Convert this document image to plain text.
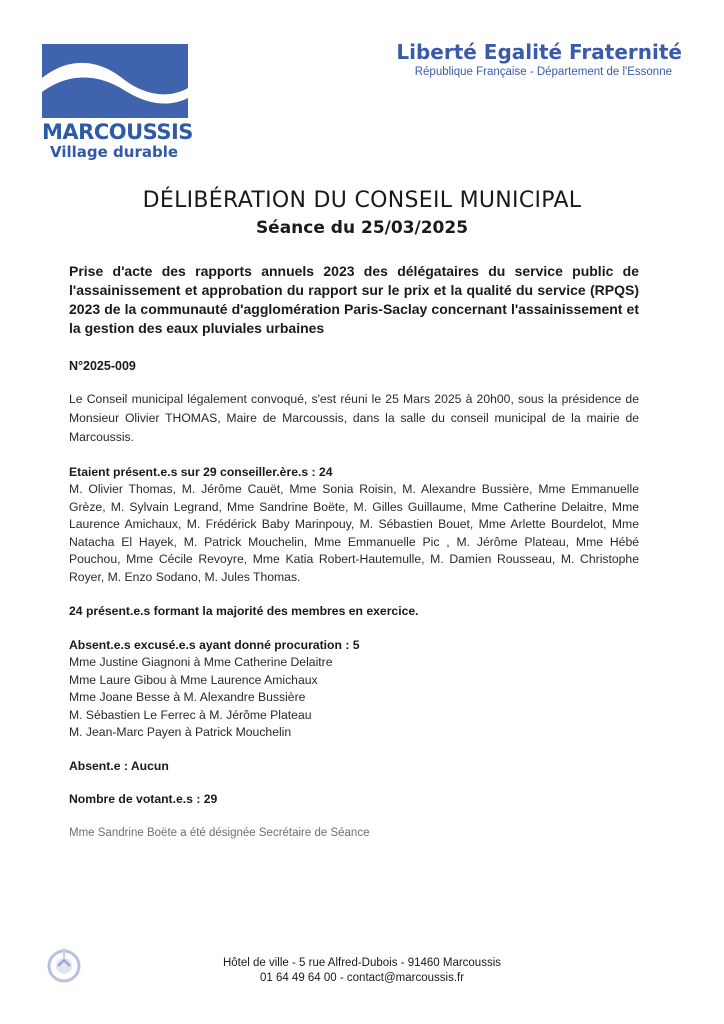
MARCOUSSIS
Village durable
Liberté Egalité Fraternité
République Française - Département de l'Essonne
DÉLIBÉRATION DU CONSEIL MUNICIPAL
Séance du 25/03/2025
Prise d'acte des rapports annuels 2023 des délégataires du service public de l'assainissement et approbation du rapport sur le prix et la qualité du service (RPQS) 2023 de la communauté d'agglomération Paris-Saclay concernant l'assainissement et la gestion des eaux pluviales urbaines
N°2025-009
Le Conseil municipal légalement convoqué, s'est réuni le 25 Mars 2025 à 20h00, sous la présidence de Monsieur Olivier THOMAS, Maire de Marcoussis, dans la salle du conseil municipal de la mairie de Marcoussis.
Etaient présent.e.s sur 29 conseiller.ère.s : 24
M. Olivier Thomas, M. Jérôme Cauët, Mme Sonia Roisin, M. Alexandre Bussière, Mme Emmanuelle Grèze, M. Sylvain Legrand, Mme Sandrine Boëte, M. Gilles Guillaume, Mme Catherine Delaitre, Mme Laurence Amichaux, M. Frédérick Baby Marinpouy, M. Sébastien Bouet, Mme Arlette Bourdelot, Mme Natacha El Hayek, M. Patrick Mouchelin, Mme Emmanuelle Pic , M. Jérôme Plateau, Mme Hébé Pouchou, Mme Cécile Revoyre, Mme Katia Robert-Hautemulle, M. Damien Rousseau, M. Christophe Royer, M. Enzo Sodano, M. Jules Thomas.
24 présent.e.s formant la majorité des membres en exercice.
Absent.e.s excusé.e.s ayant donné procuration : 5
Mme Justine Giagnoni à Mme Catherine Delaitre
Mme Laure Gibou à Mme Laurence Amichaux
Mme Joane Besse à M. Alexandre Bussière
M. Sébastien Le Ferrec à M. Jérôme Plateau
M. Jean-Marc Payen à Patrick Mouchelin
Absent.e : Aucun
Nombre de votant.e.s : 29
Mme Sandrine Boëte a été désignée Secrétaire de Séance
Hôtel de ville - 5 rue Alfred-Dubois - 91460 Marcoussis
01 64 49 64 00 - contact@marcoussis.fr
